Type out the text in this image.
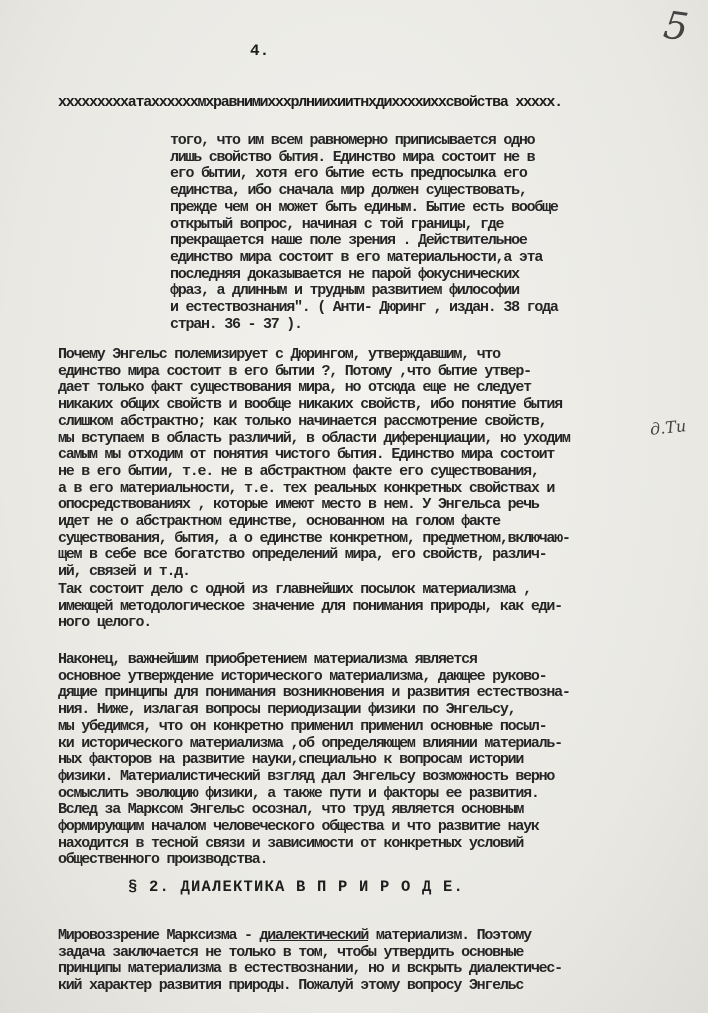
5
д.Ти
4.
xxxxxxxxхатаxxxxxxмхравнимихххрлнииxиитнхдиххххиххсвойства xxxxx.
того, что им всем равномерно приписывается одно
лишь свойство бытия. Единство мира состоит не в
его бытии, хотя его бытие есть предпосылка его
единства, ибо сначала мир должен существовать,
прежде чем он может быть единым. Бытие есть вообще
открытый вопрос, начиная с той границы, где
прекращается наше поле зрения . Действительное
единство мира состоит в его материальности,а эта
последняя доказывается не парой фокуснических
фраз, а длинным и трудным развитием философии
и естествознания". ( Анти- Дюринг , издан. 38 года
стран. 36 - 37 ).
Почему Энгельс полемизирует с Дюрингом, утверждавшим, что
единство мира состоит в его бытии ?, Потому ,что бытие утвер-
дает только факт существования мира, но отсюда еще не следует
никаких общих свойств и вообще никаких свойств, ибо понятие бытия
слишком абстрактно; как только начинается рассмотрение свойств,
мы вступаем в область различий, в области диференциации, но уходим
самым мы отходим от понятия чистого бытия. Единство мира состоит
не в его бытии, т.е. не в абстрактном факте его существования,
а в его материальности, т.е. тех реальных конкретных свойствах и
опосредствованиях , которые имеют место в нем. У Энгельса речь
идет не о абстрактном единстве, основанном на голом факте
существования, бытия, а о единстве конкретном, предметном,включаю-
щем в себе все богатство определений мира, его свойств, различ-
ий, связей и т.д.
Так состоит дело с одной из главнейших посылок материализма ,
имеющей методологическое значение для понимания природы, как еди-
ного целого.
Наконец, важнейшим приобретением материализма является
основное утверждение исторического материализма, дающее руково-
дящие принципы для понимания возникновения и развития естествозна-
ния. Ниже, излагая вопросы периодизации физики по Энгельсу,
мы убедимся, что он конкретно применил применил основные посыл-
ки исторического материализма ,об определяющем влиянии материаль-
ных факторов на развитие науки,специально к вопросам истории
физики. Материалистический взгляд дал Энгельсу возможность верно
осмыслить эволюцию физики, а также пути и факторы ее развития.
Вслед за Марксом Энгельс осознал, что труд является основным
формирующим началом человеческого общества и что развитие наук
находится в тесной связи и зависимости от конкретных условий
общественного производства.
§ 2. ДИАЛЕКТИКА В П Р И Р О Д Е.
Мировоззрение Маркcизма - диалектический материализм. Поэтому
задача заключается не только в том, чтобы утвердить основные
принципы материализма в естествознании, но и вскрыть диалектичес-
кий характер развития природы. Пожалуй этому вопросу Энгельс
